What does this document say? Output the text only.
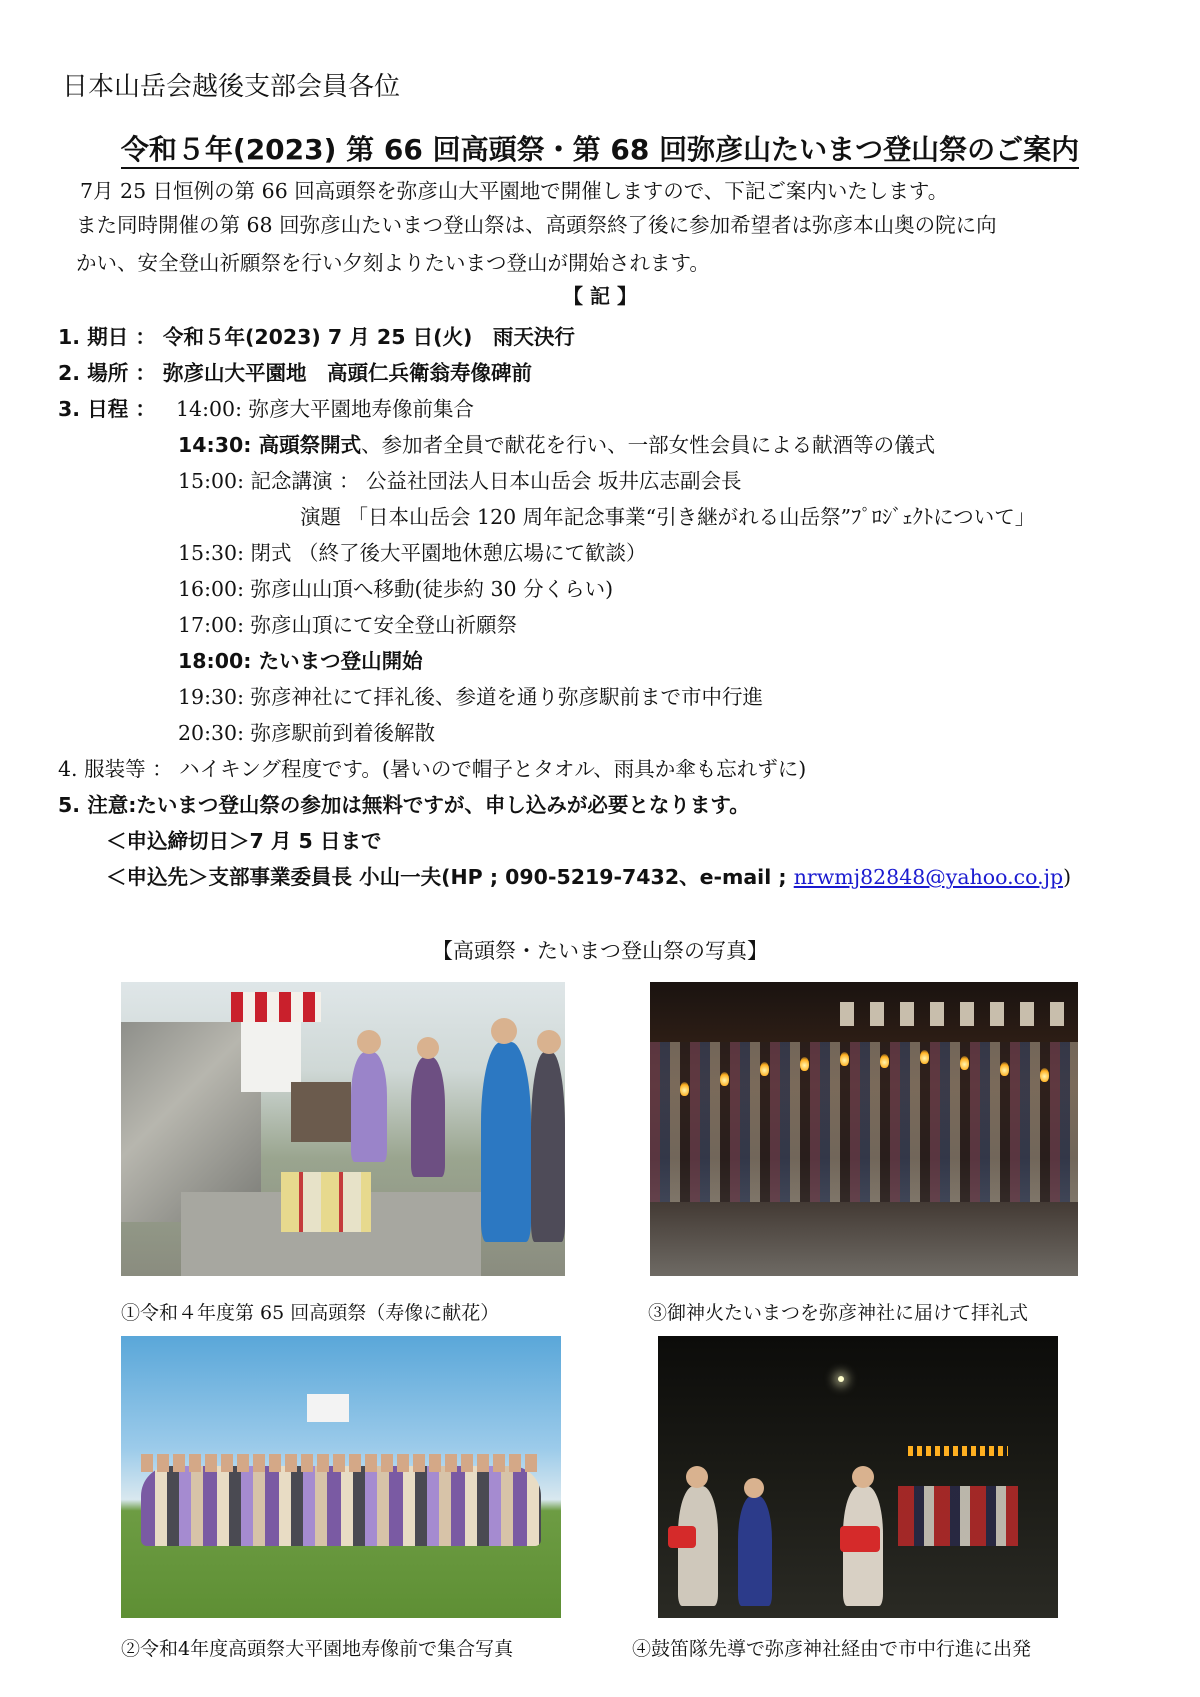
日本山岳会越後支部会員各位
令和５年(2023) 第 66 回高頭祭・第 68 回弥彦山たいまつ登山祭のご案内
7月 25 日恒例の第 66 回高頭祭を弥彦山大平園地で開催しますので、下記ご案内いたします。
また同時開催の第 68 回弥彦山たいまつ登山祭は、高頭祭終了後に参加希望者は弥彦本山奥の院に向
かい、安全登山祈願祭を行い夕刻よりたいまつ登山が開始されます。
【 記 】
1. 期日 ： 令和５年(2023) 7 月 25 日(火)　雨天決行
2. 場所 ： 弥彦山大平園地　高頭仁兵衛翁寿像碑前
3. 日程 ： 14:00: 弥彦大平園地寿像前集合
14:30: 高頭祭開式、参加者全員で献花を行い、一部女性会員による献酒等の儀式
15:00: 記念講演 ： 公益社団法人日本山岳会 坂井広志副会長
演題 「日本山岳会 120 周年記念事業“引き継がれる山岳祭”ﾌﾟﾛｼﾞｪｸﾄについて」
15:30: 閉式 （終了後大平園地休憩広場にて歓談）
16:00: 弥彦山山頂へ移動(徒歩約 30 分くらい)
17:00: 弥彦山頂にて安全登山祈願祭
18:00: たいまつ登山開始
19:30: 弥彦神社にて拝礼後、参道を通り弥彦駅前まで市中行進
20:30: 弥彦駅前到着後解散
4. 服装等 ： ハイキング程度です。(暑いので帽子とタオル、雨具か傘も忘れずに)
5. 注意:たいまつ登山祭の参加は無料ですが、申し込みが必要となります。
＜申込締切日＞7 月 5 日まで
＜申込先＞支部事業委員長 小山一夫(HP ; 090-5219-7432、e-mail ; nrwmj82848@yahoo.co.jp)
【高頭祭・たいまつ登山祭の写真】
①令和４年度第 65 回高頭祭（寿像に献花）	③御神火たいまつを弥彦神社に届けて拝礼式
②令和4年度高頭祭大平園地寿像前で集合写真	④鼓笛隊先導で弥彦神社経由で市中行進に出発
